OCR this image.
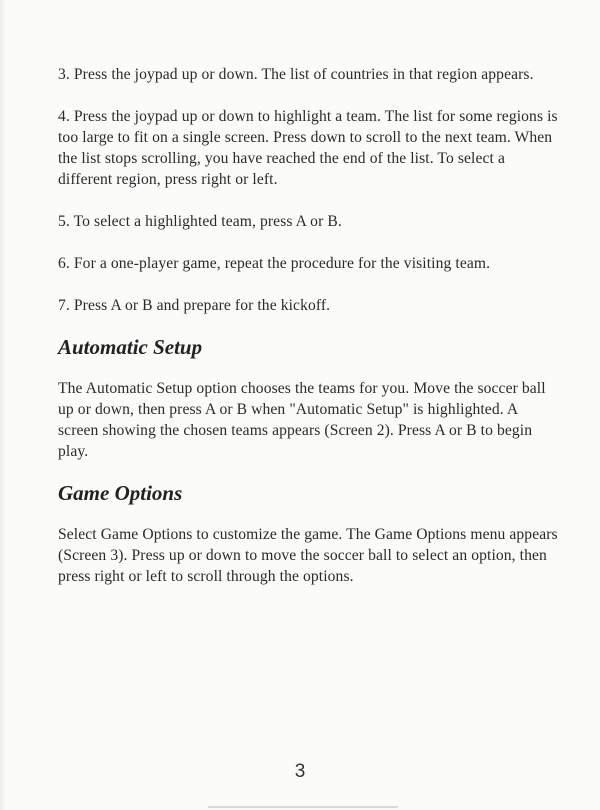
3. Press the joypad up or down. The list of countries in that region appears.

4. Press the joypad up or down to highlight a team. The list for some regions is too large to fit on a single screen. Press down to scroll to the next team. When the list stops scrolling, you have reached the end of the list. To select a different region, press right or left.

5. To select a highlighted team, press A or B.

6. For a one-player game, repeat the procedure for the visiting team.

7. Press A or B and prepare for the kickoff.

Automatic Setup

The Automatic Setup option chooses the teams for you. Move the soccer ball up or down, then press A or B when "Automatic Setup" is highlighted. A screen showing the chosen teams appears (Screen 2). Press A or B to begin play.

Game Options

Select Game Options to customize the game. The Game Options menu appears (Screen 3). Press up or down to move the soccer ball to select an option, then press right or left to scroll through the options.

3
